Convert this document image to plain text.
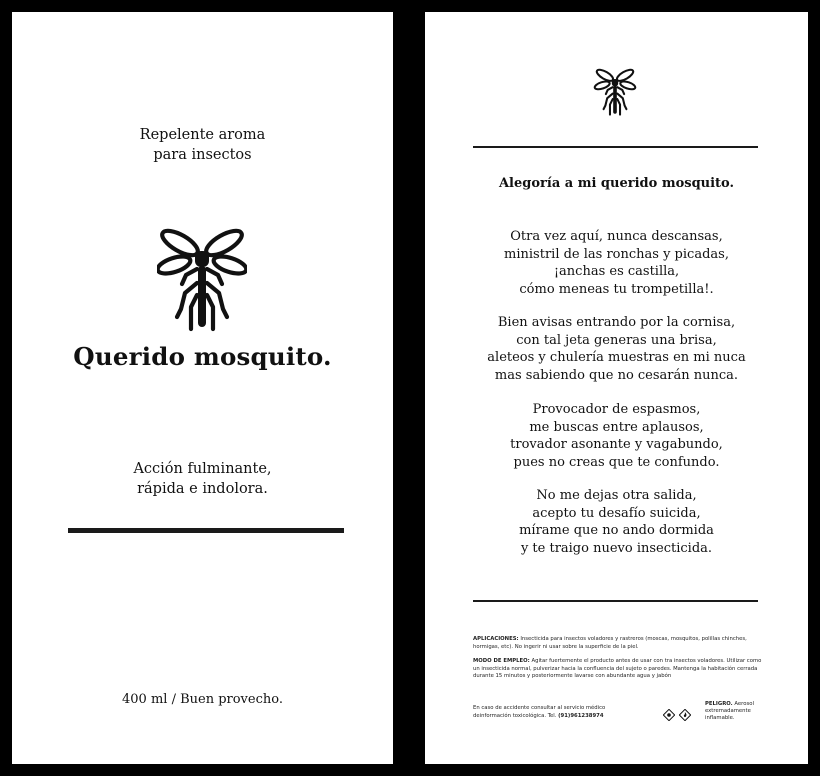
Repelente aroma
para insectos
Querido mosquito.
Acción fulminante,
rápida e indolora.
400 ml / Buen provecho.
Alegoría a mi querido mosquito.
Otra vez aquí, nunca descansas,
ministril de las ronchas y picadas,
¡anchas es castilla,
cómo meneas tu trompetilla!.
Bien avisas entrando por la cornisa,
con tal jeta generas una brisa,
aleteos y chulería muestras en mi nuca
mas sabiendo que no cesarán nunca.
Provocador de espasmos,
me buscas entre aplausos,
trovador asonante y vagabundo,
pues no creas que te confundo.
No me dejas otra salida,
acepto tu desafío suicida,
mírame que no ando dormida
y te traigo nuevo insecticida.
APLICACIONES: Insecticida para insectos voladores y rastreros (moscas, mosquitos, polillas chinches, hormigas, etc). No ingerir ni usar sobre la superficie de la piel.
MODO DE EMPLEO: Agitar fuertemente el producto antes de usar con tra insectos voladores. Utilizar como un insecticida normal, pulverizar hacia la confluencia del sujeto o paredes. Mantenga la habitación cerrada durante 15 minutos y posteriormente lavarse con abundante agua y jabón
En caso de accidente consultar al servicio médico deinformación toxicológica. Tel. (91)961238974
PELIGRO. Aerosol extremadamente inflamable.
